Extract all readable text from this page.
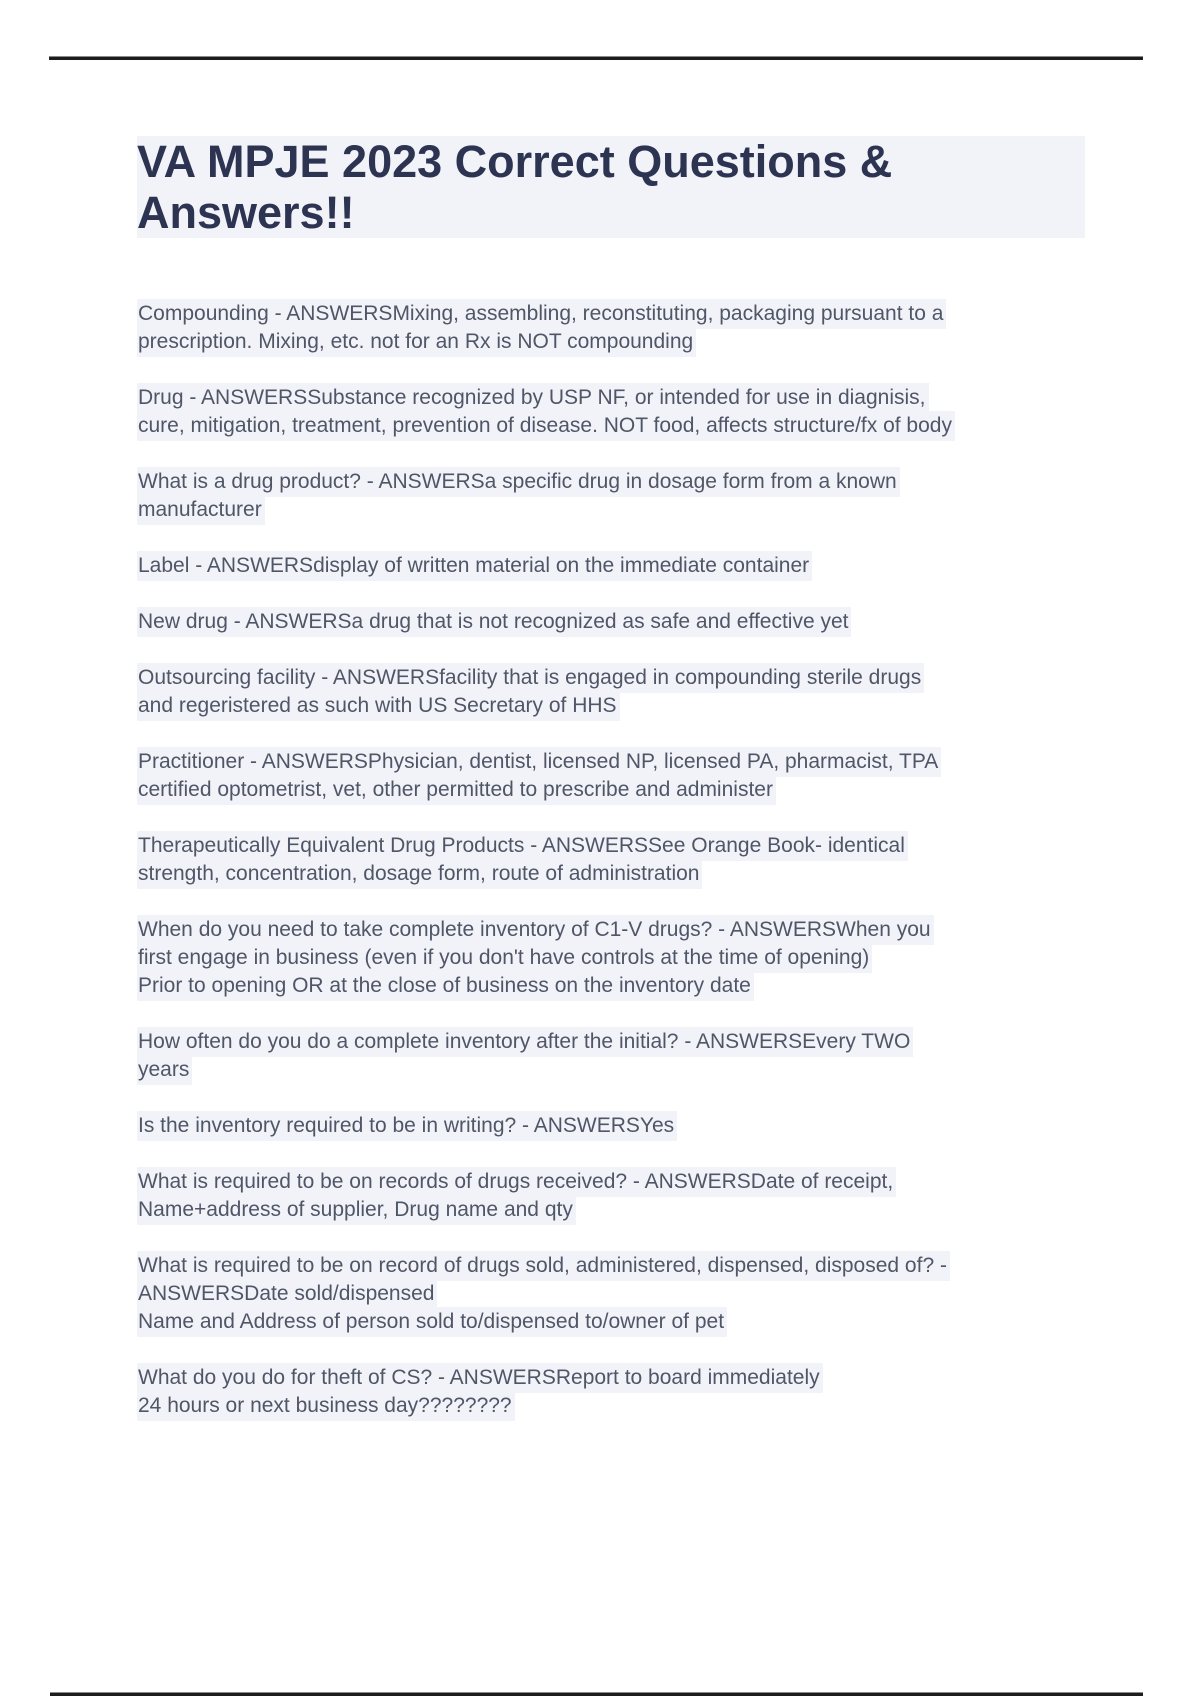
VA MPJE 2023 Correct Questions &
Answers!!
Compounding - ANSWERSMixing, assembling, reconstituting, packaging pursuant to a
prescription. Mixing, etc. not for an Rx is NOT compounding
Drug - ANSWERSSubstance recognized by USP NF, or intended for use in diagnisis,
cure, mitigation, treatment, prevention of disease. NOT food, affects structure/fx of body
What is a drug product? - ANSWERSa specific drug in dosage form from a known
manufacturer
Label - ANSWERSdisplay of written material on the immediate container
New drug - ANSWERSa drug that is not recognized as safe and effective yet
Outsourcing facility - ANSWERSfacility that is engaged in compounding sterile drugs
and regeristered as such with US Secretary of HHS
Practitioner - ANSWERSPhysician, dentist, licensed NP, licensed PA, pharmacist, TPA
certified optometrist, vet, other permitted to prescribe and administer
Therapeutically Equivalent Drug Products - ANSWERSSee Orange Book- identical
strength, concentration, dosage form, route of administration
When do you need to take complete inventory of C1-V drugs? - ANSWERSWhen you
first engage in business (even if you don't have controls at the time of opening)
Prior to opening OR at the close of business on the inventory date
How often do you do a complete inventory after the initial? - ANSWERSEvery TWO
years
Is the inventory required to be in writing? - ANSWERSYes
What is required to be on records of drugs received? - ANSWERSDate of receipt,
Name+address of supplier, Drug name and qty
What is required to be on record of drugs sold, administered, dispensed, disposed of? -
ANSWERSDate sold/dispensed
Name and Address of person sold to/dispensed to/owner of pet
What do you do for theft of CS? - ANSWERSReport to board immediately
24 hours or next business day????????
